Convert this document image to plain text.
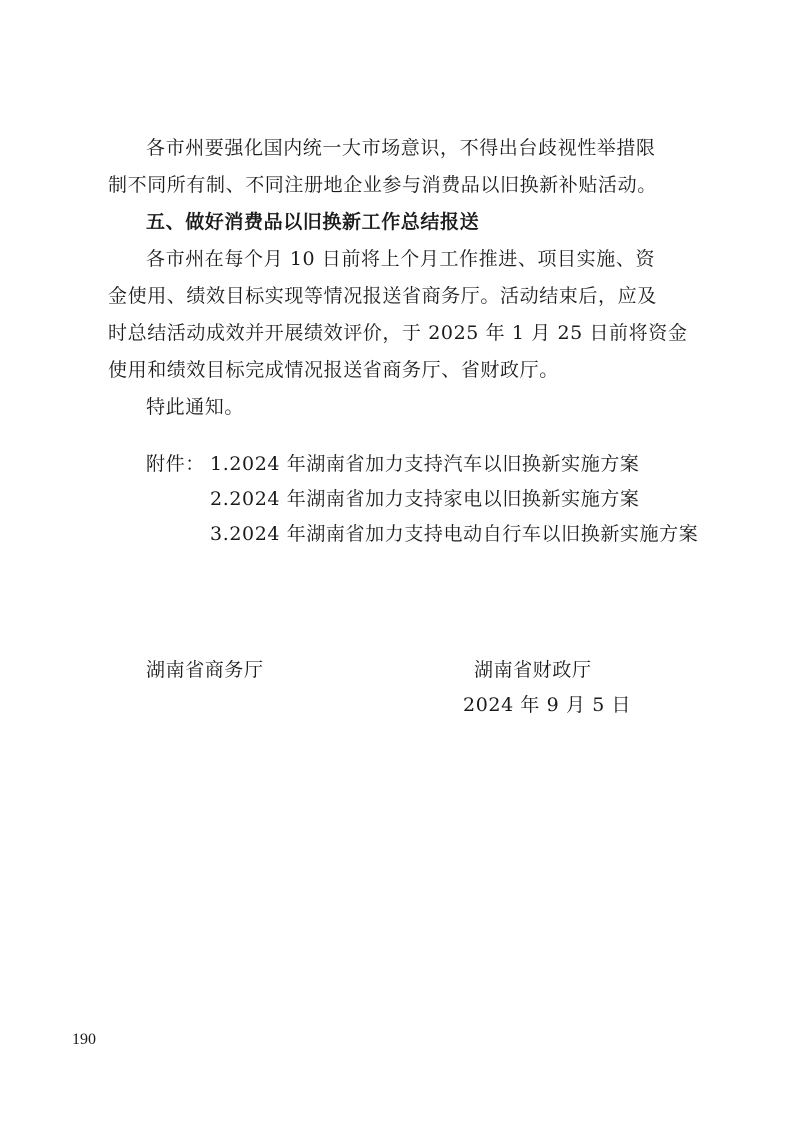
各市州要强化国内统一大市场意识，不得出台歧视性举措限
制不同所有制、不同注册地企业参与消费品以旧换新补贴活动。
五、做好消费品以旧换新工作总结报送
各市州在每个月 10 日前将上个月工作推进、项目实施、资
金使用、绩效目标实现等情况报送省商务厅。活动结束后，应及
时总结活动成效并开展绩效评价，于 2025 年 1 月 25 日前将资金
使用和绩效目标完成情况报送省商务厅、省财政厅。
特此通知。
附件： 1.2024 年湖南省加力支持汽车以旧换新实施方案
2.2024 年湖南省加力支持家电以旧换新实施方案
3.2024 年湖南省加力支持电动自行车以旧换新实施方案
湖南省商务厅	湖南省财政厅
2024 年 9 月 5 日
190
